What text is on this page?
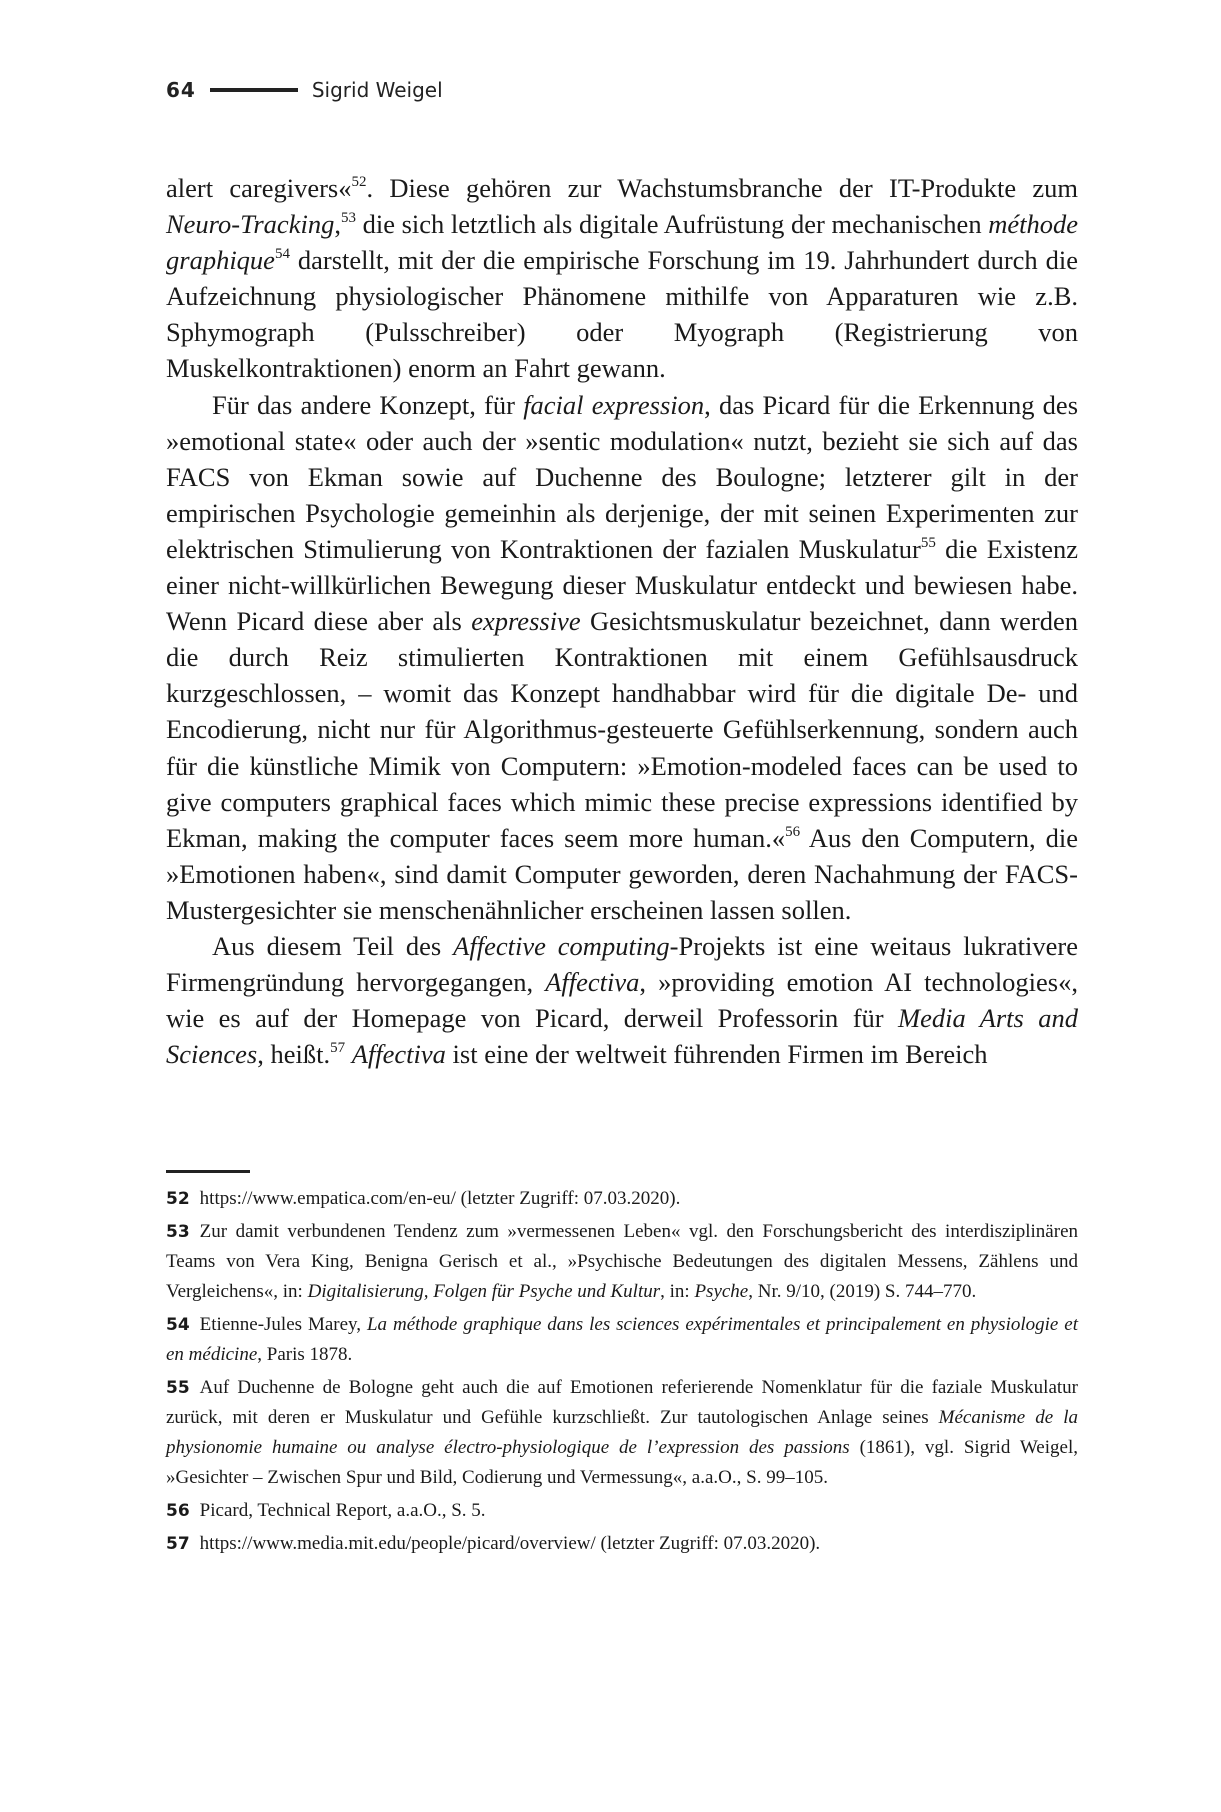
64	Sigrid Weigel

alert caregivers«$^{52}$. Diese gehören zur Wachstumsbranche der IT-Produkte zum Neuro-Tracking,$^{53}$ die sich letztlich als digitale Aufrüstung der mechanischen méthode graphique$^{54}$ darstellt, mit der die empirische Forschung im 19. Jahrhundert durch die Aufzeichnung physiologischer Phänomene mithilfe von Apparaturen wie z.B. Sphymograph (Pulsschreiber) oder Myograph (Registrierung von Muskelkontraktionen) enorm an Fahrt gewann.

Für das andere Konzept, für facial expression, das Picard für die Erkennung des »emotional state« oder auch der »sentic modulation« nutzt, bezieht sie sich auf das FACS von Ekman sowie auf Duchenne des Boulogne; letzterer gilt in der empirischen Psychologie gemeinhin als derjenige, der mit seinen Experimenten zur elektrischen Stimulierung von Kontraktionen der fazialen Muskulatur$^{55}$ die Existenz einer nicht-willkürlichen Bewegung dieser Muskulatur entdeckt und bewiesen habe. Wenn Picard diese aber als expressive Gesichtsmuskulatur bezeichnet, dann werden die durch Reiz stimulierten Kontraktionen mit einem Gefühlsausdruck kurzgeschlossen, – womit das Konzept handhabbar wird für die digitale De- und Encodierung, nicht nur für Algorithmus-gesteuerte Gefühlserkennung, sondern auch für die künstliche Mimik von Computern: »Emotion-modeled faces can be used to give computers graphical faces which mimic these precise expressions identified by Ekman, making the computer faces seem more human.«$^{56}$ Aus den Computern, die »Emotionen haben«, sind damit Computer geworden, deren Nachahmung der FACS-Mustergesichter sie menschenähnlicher erscheinen lassen sollen.

Aus diesem Teil des Affective computing-Projekts ist eine weitaus lukrativere Firmengründung hervorgegangen, Affectiva, »providing emotion AI technologies«, wie es auf der Homepage von Picard, derweil Professorin für Media Arts and Sciences, heißt.$^{57}$ Affectiva ist eine der weltweit führenden Firmen im Bereich

52 https://www.empatica.com/en-eu/ (letzter Zugriff: 07.03.2020).

53 Zur damit verbundenen Tendenz zum »vermessenen Leben« vgl. den Forschungsbericht des interdisziplinären Teams von Vera King, Benigna Gerisch et al., »Psychische Bedeutungen des digitalen Messens, Zählens und Vergleichens«, in: Digitalisierung, Folgen für Psyche und Kultur, in: Psyche, Nr. 9/10, (2019) S. 744–770.

54 Etienne-Jules Marey, La méthode graphique dans les sciences expérimentales et principalement en physiologie et en médicine, Paris 1878.

55 Auf Duchenne de Bologne geht auch die auf Emotionen referierende Nomenklatur für die faziale Muskulatur zurück, mit deren er Muskulatur und Gefühle kurzschließt. Zur tautologischen Anlage seines Mécanisme de la physionomie humaine ou analyse électro-physiologique de l’expression des passions (1861), vgl. Sigrid Weigel, »Gesichter – Zwischen Spur und Bild, Codierung und Vermessung«, a.a.O., S. 99–105.

56 Picard, Technical Report, a.a.O., S. 5.

57 https://www.media.mit.edu/people/picard/overview/ (letzter Zugriff: 07.03.2020).
